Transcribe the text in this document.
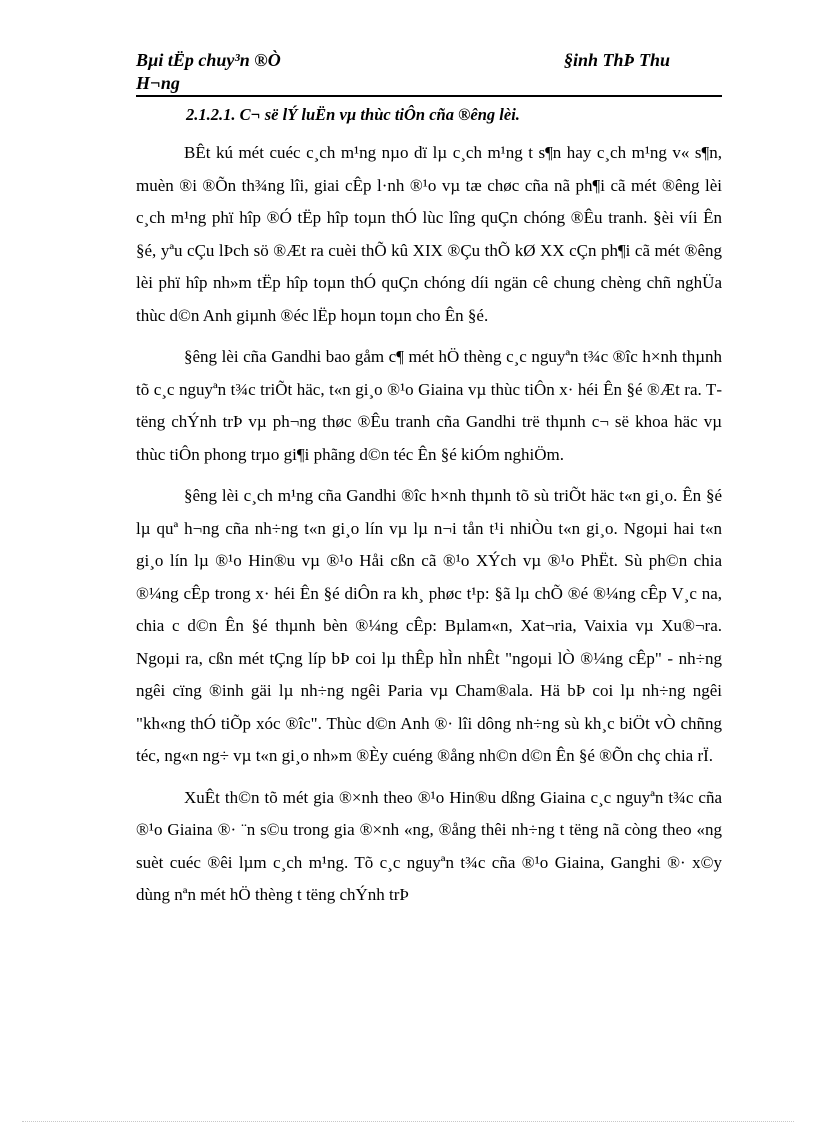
Bµi tËp chuy³n ®Ò
H¬ng
§inh ThÞ Thu
2.1.2.1. C¬ së lÝ luËn vµ thùc tiÔn cña ®êng lèi.

BÊt kú mét cuéc c¸ch m¹ng nµo dï lµ c¸ch m¹ng t s¶n hay c¸ch m¹ng v« s¶n, muèn ®i ®Õn th¾ng lîi, giai cÊp l·nh ®¹o vµ tæ chøc cña nã ph¶i cã mét ®êng lèi c¸ch m¹ng phï hîp ®Ó tËp hîp toµn thÓ lùc lîng quÇn chóng ®Êu tranh. §èi víi Ên §é, yªu cÇu lÞch sö ®Æt ra cuèi thÕ kû XIX ®Çu thÕ kØ XX cÇn ph¶i cã mét ®êng lèi phï hîp nh»m tËp hîp toµn thÓ quÇn chóng díi ngän cê chung chèng chñ nghÜa thùc d©n Anh giµnh ®éc lËp hoµn toµn cho Ên §é.

§êng lèi cña Gandhi bao gåm c¶ mét hÖ thèng c¸c nguyªn t¾c ®îc h×nh thµnh tõ c¸c nguyªn t¾c triÕt häc, t«n gi¸o ®¹o Giaina vµ thùc tiÔn x· héi Ên §é ®Æt ra. T tëng chÝnh trÞ vµ ph¬ng thøc ®Êu tranh cña Gandhi trë thµnh c¬ së khoa häc vµ thùc tiÔn phong trµo gi¶i phãng d©n téc Ên §é kiÓm nghiÖm.

§êng lèi c¸ch m¹ng cña Gandhi ®îc h×nh thµnh tõ sù triÕt häc t«n gi¸o. Ên §é lµ quª h¬ng cña nh÷ng t«n gi¸o lín vµ lµ n¬i tån t¹i nhiÒu t«n gi¸o. Ngoµi hai t«n gi¸o lín lµ ®¹o Hin®u vµ ®¹o Håi cßn cã ®¹o XÝch vµ ®¹o PhËt. Sù ph©n chia ®¼ng cÊp trong x· héi Ên §é diÔn ra kh¸ phøc t¹p: §ã lµ chÕ ®é ®¼ng cÊp V¸c na, chia c d©n Ên §é thµnh bèn ®¼ng cÊp: Bµlam«n, Xat¬ria, Vaixia vµ Xu®¬ra. Ngoµi ra, cßn mét tÇng líp bÞ coi lµ thÊp hÌn nhÊt "ngoµi lÒ ®¼ng cÊp" - nh÷ng ngêi cïng ®inh gäi lµ nh÷ng ngêi Paria vµ Cham®ala. Hä bÞ coi lµ nh÷ng ngêi "kh«ng thÓ tiÕp xóc ®îc". Thùc d©n Anh ®· lîi dông nh÷ng sù kh¸c biÖt vÒ chñng téc, ng«n ng÷ vµ t«n gi¸o nh»m ®Èy cuéng ®ång nh©n d©n Ên §é ®Õn chç chia rÏ.

XuÊt th©n tõ mét gia ®×nh theo ®¹o Hin®u dßng Giaina c¸c nguyªn t¾c cña ®¹o Giaina ®· ¨n s©u trong gia ®×nh «ng, ®ång thêi nh÷ng t tëng nã còng theo «ng suèt cuéc ®êi lµm c¸ch m¹ng. Tõ c¸c nguyªn t¾c cña ®¹o Giaina, Ganghi ®· x©y dùng nªn mét hÖ thèng t tëng chÝnh trÞ
